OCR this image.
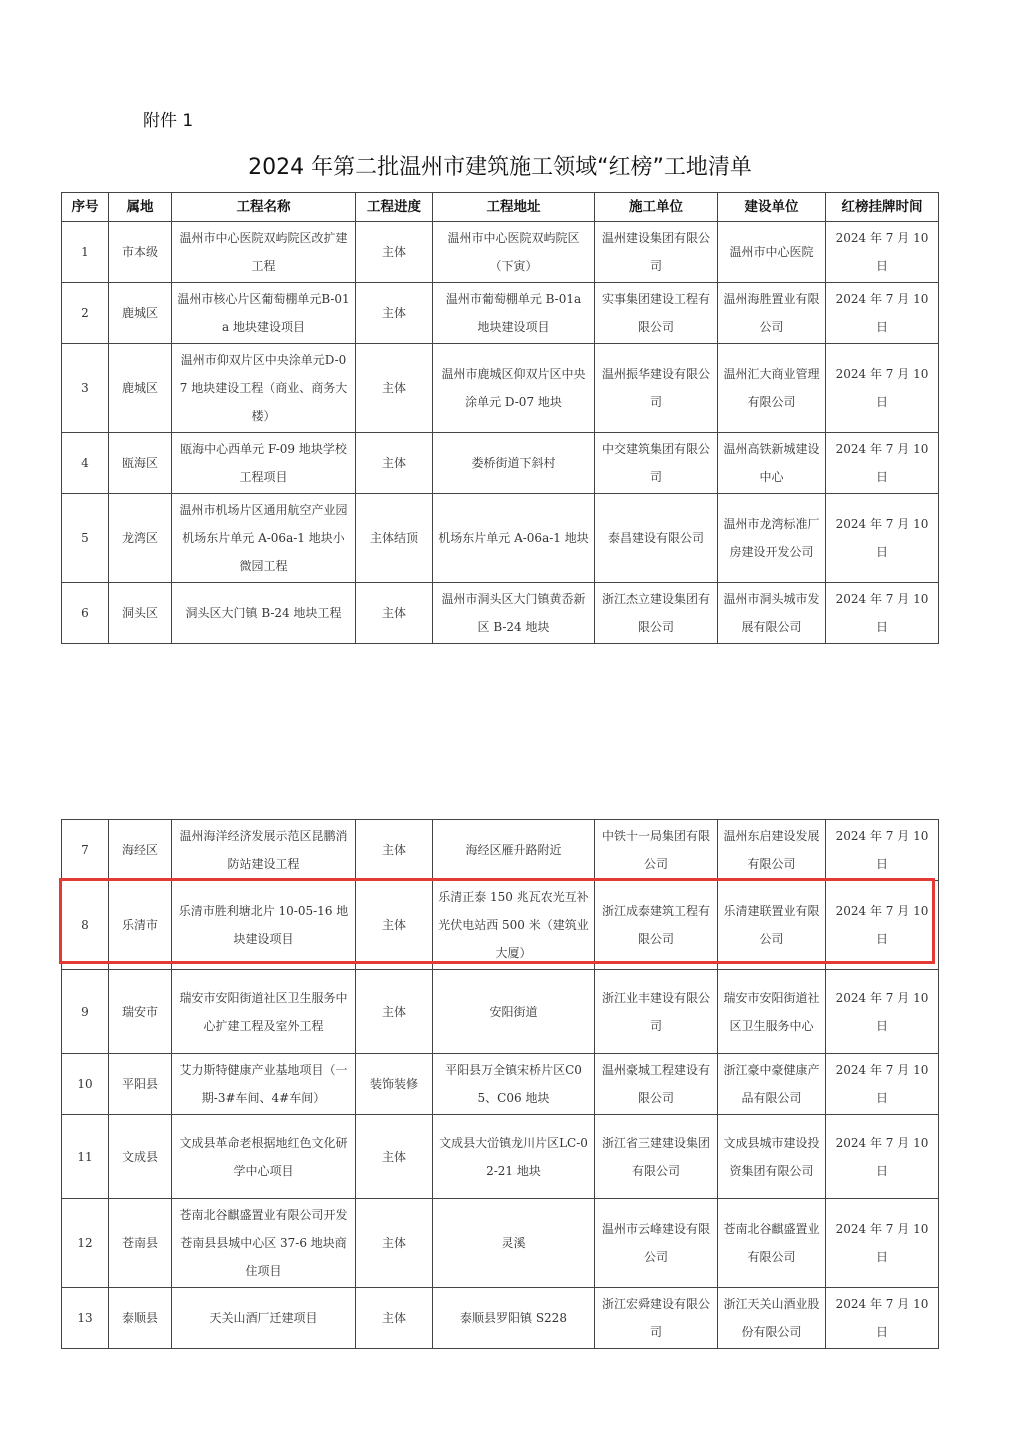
附件 1
2024 年第二批温州市建筑施工领域“红榜”工地清单
序号	属地	工程名称	工程进度	工程地址	施工单位	建设单位	红榜挂牌时间
1	市本级	温州市中心医院双屿院区改扩建工程	主体	温州市中心医院双屿院区（下寅）	温州建设集团有限公司	温州市中心医院	2024 年 7 月 10 日
2	鹿城区	温州市核心片区葡萄棚单元B-01a 地块建设项目	主体	温州市葡萄棚单元 B-01a 地块建设项目	实事集团建设工程有限公司	温州海胜置业有限公司	2024 年 7 月 10 日
3	鹿城区	温州市仰双片区中央涂单元D-07 地块建设工程（商业、商务大楼）	主体	温州市鹿城区仰双片区中央涂单元 D-07 地块	温州振华建设有限公司	温州汇大商业管理有限公司	2024 年 7 月 10 日
4	瓯海区	瓯海中心西单元 F-09 地块学校工程项目	主体	娄桥街道下斜村	中交建筑集团有限公司	温州高铁新城建设中心	2024 年 7 月 10 日
5	龙湾区	温州市机场片区通用航空产业园机场东片单元 A-06a-1 地块小微园工程	主体结顶	机场东片单元 A-06a-1 地块	泰昌建设有限公司	温州市龙湾标准厂房建设开发公司	2024 年 7 月 10 日
6	洞头区	洞头区大门镇 B-24 地块工程	主体	温州市洞头区大门镇黄岙新区 B-24 地块	浙江杰立建设集团有限公司	温州市洞头城市发展有限公司	2024 年 7 月 10 日
7	海经区	温州海洋经济发展示范区昆鹏消防站建设工程	主体	海经区雁升路附近	中铁十一局集团有限公司	温州东启建设发展有限公司	2024 年 7 月 10 日
8	乐清市	乐清市胜利塘北片 10-05-16 地块建设项目	主体	乐清正泰 150 兆瓦农光互补光伏电站西 500 米（建筑业大厦）	浙江成泰建筑工程有限公司	乐清建联置业有限公司	2024 年 7 月 10 日
9	瑞安市	瑞安市安阳街道社区卫生服务中心扩建工程及室外工程	主体	安阳街道	浙江业丰建设有限公司	瑞安市安阳街道社区卫生服务中心	2024 年 7 月 10 日
10	平阳县	艾力斯特健康产业基地项目（一期-3#车间、4#车间）	装饰装修	平阳县万全镇宋桥片区C05、C06 地块	温州豪城工程建设有限公司	浙江豪中豪健康产品有限公司	2024 年 7 月 10 日
11	文成县	文成县革命老根据地红色文化研学中心项目	主体	文成县大峃镇龙川片区LC-02-21 地块	浙江省三建建设集团有限公司	文成县城市建设投资集团有限公司	2024 年 7 月 10 日
12	苍南县	苍南北谷麒盛置业有限公司开发苍南县县城中心区 37-6 地块商住项目	主体	灵溪	温州市云峰建设有限公司	苍南北谷麒盛置业有限公司	2024 年 7 月 10 日
13	泰顺县	天关山酒厂迁建项目	主体	泰顺县罗阳镇 S228	浙江宏舜建设有限公司	浙江天关山酒业股份有限公司	2024 年 7 月 10 日
